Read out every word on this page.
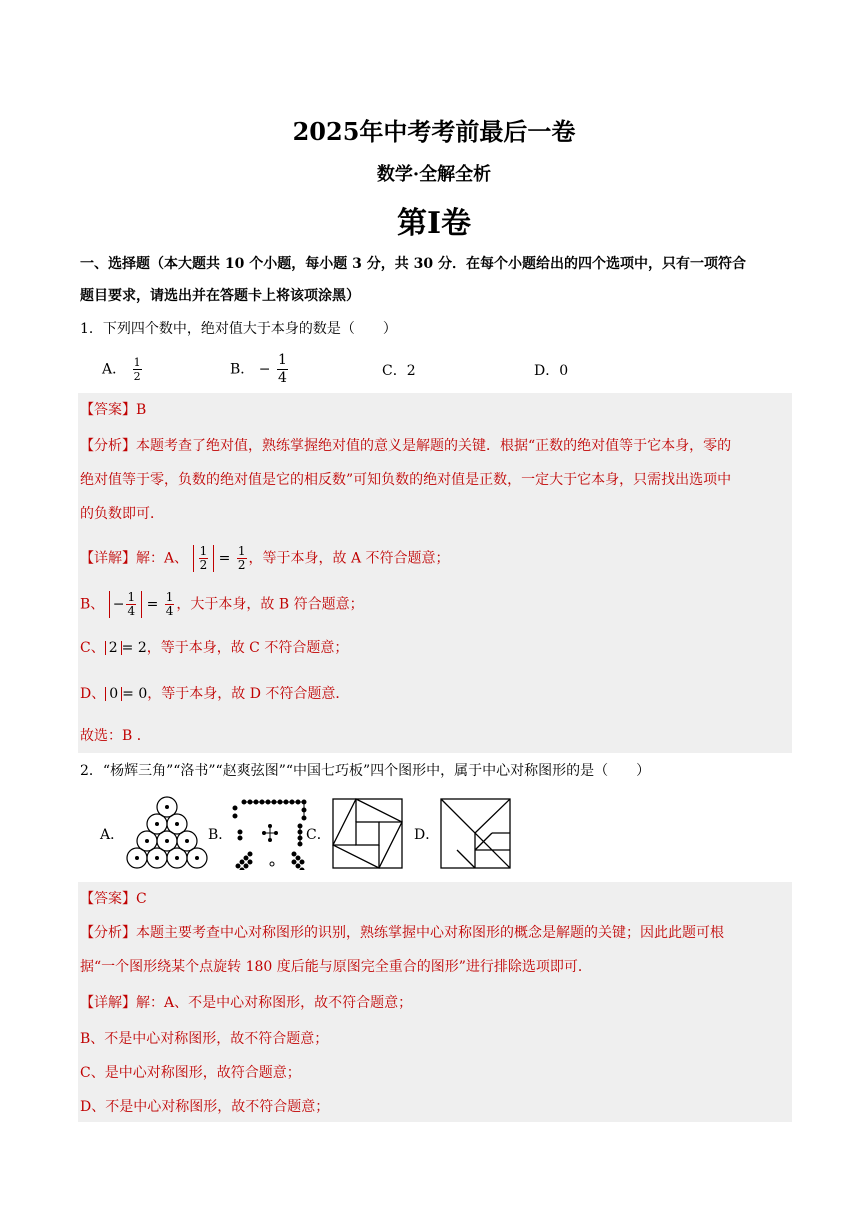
2025年中考考前最后一卷
数学·全解全析
第Ⅰ卷
一、选择题（本大题共 10 个小题，每小题 3 分，共 30 分．在每个小题给出的四个选项中，只有一项符合
题目要求，请选出并在答题卡上将该项涂黑）
1．下列四个数中，绝对值大于本身的数是（　　）
A． $\frac{1}{2}$	B． − $\frac{1}{4}$	C．2	D．0
【答案】B
【分析】本题考查了绝对值，熟练掌握绝对值的意义是解题的关键．根据“正数的绝对值等于它本身，零的
绝对值等于零，负数的绝对值是它的相反数”可知负数的绝对值是正数，一定大于它本身，只需找出选项中
的负数即可．
【详解】解：A、 $\frac{1}{2} = \frac{1}{2}$ ，等于本身，故 A 不符合题意；
B、 − $\frac{1}{4} = \frac{1}{4}$ ，大于本身，故 B 符合题意；
C、 2 = 2，等于本身，故 C 不符合题意；
D、 0 = 0，等于本身，故 D 不符合题意．
故选：B ．
2．“杨辉三角”“洛书”“赵爽弦图”“中国七巧板”四个图形中，属于中心对称图形的是（　　）
A．	B．	C．	D．
【答案】C
【分析】本题主要考查中心对称图形的识别，熟练掌握中心对称图形的概念是解题的关键；因此此题可根
据“一个图形绕某个点旋转 180 度后能与原图完全重合的图形”进行排除选项即可．
【详解】解：A、不是中心对称图形，故不符合题意；
B、不是中心对称图形，故不符合题意；
C、是中心对称图形，故符合题意；
D、不是中心对称图形，故不符合题意；
